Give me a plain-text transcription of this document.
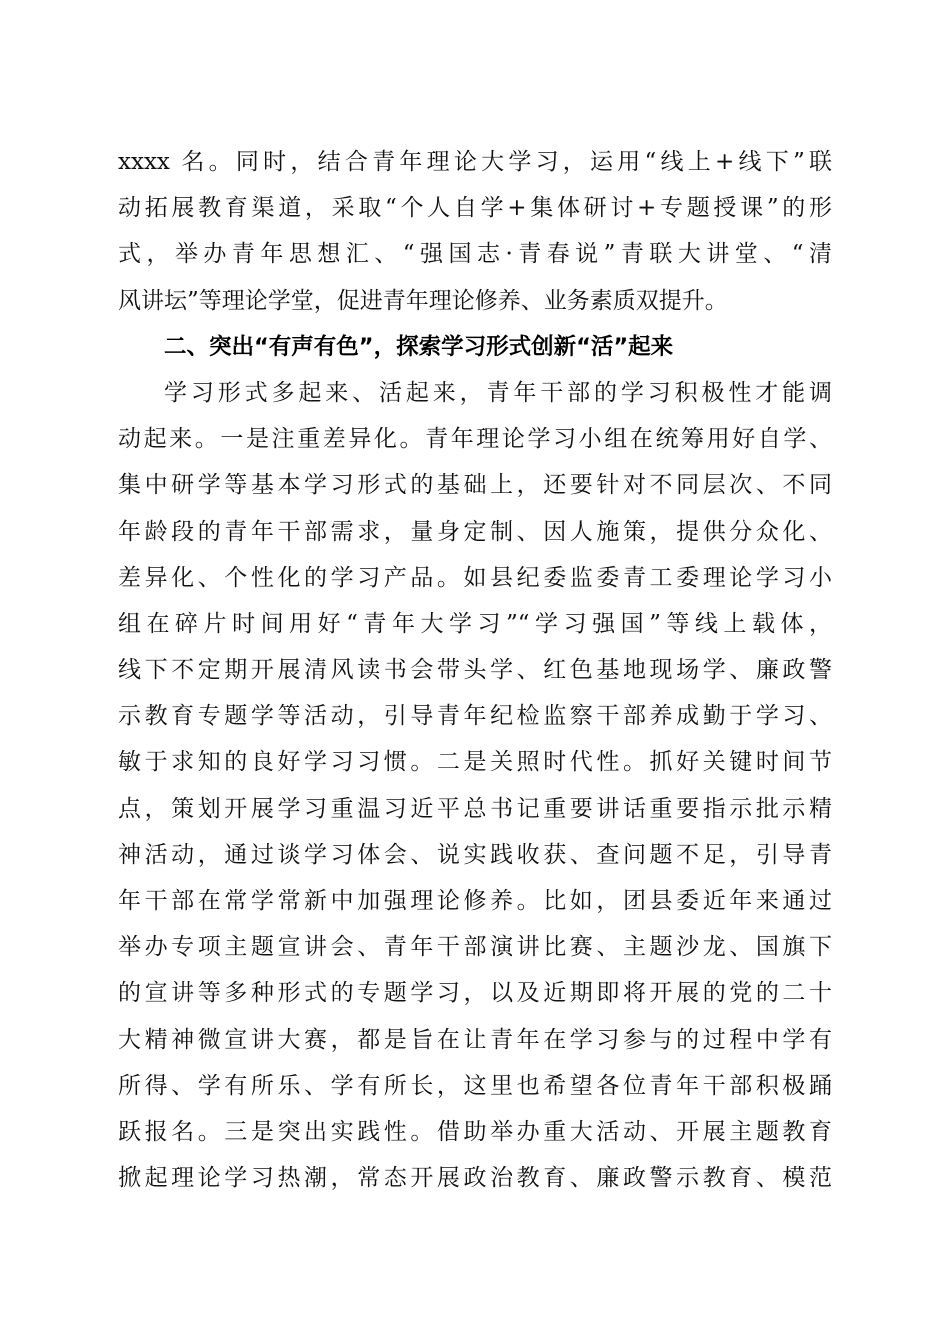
xxxx 名。同时，结合青年理论大学习，运用“线上+线下”联
动拓展教育渠道，采取“个人自学+集体研讨+专题授课”的形
式，举办青年思想汇、“强国志·青春说”青联大讲堂、“清
风讲坛”等理论学堂，促进青年理论修养、业务素质双提升。
二、突出“有声有色”，探索学习形式创新“活”起来
学习形式多起来、活起来，青年干部的学习积极性才能调
动起来。一是注重差异化。青年理论学习小组在统筹用好自学、
集中研学等基本学习形式的基础上，还要针对不同层次、不同
年龄段的青年干部需求，量身定制、因人施策，提供分众化、
差异化、个性化的学习产品。如县纪委监委青工委理论学习小
组在碎片时间用好“青年大学习”“学习强国”等线上载体，
线下不定期开展清风读书会带头学、红色基地现场学、廉政警
示教育专题学等活动，引导青年纪检监察干部养成勤于学习、
敏于求知的良好学习习惯。二是关照时代性。抓好关键时间节
点，策划开展学习重温习近平总书记重要讲话重要指示批示精
神活动，通过谈学习体会、说实践收获、查问题不足，引导青
年干部在常学常新中加强理论修养。比如，团县委近年来通过
举办专项主题宣讲会、青年干部演讲比赛、主题沙龙、国旗下
的宣讲等多种形式的专题学习，以及近期即将开展的党的二十
大精神微宣讲大赛，都是旨在让青年在学习参与的过程中学有
所得、学有所乐、学有所长，这里也希望各位青年干部积极踊
跃报名。三是突出实践性。借助举办重大活动、开展主题教育
掀起理论学习热潮，常态开展政治教育、廉政警示教育、模范
